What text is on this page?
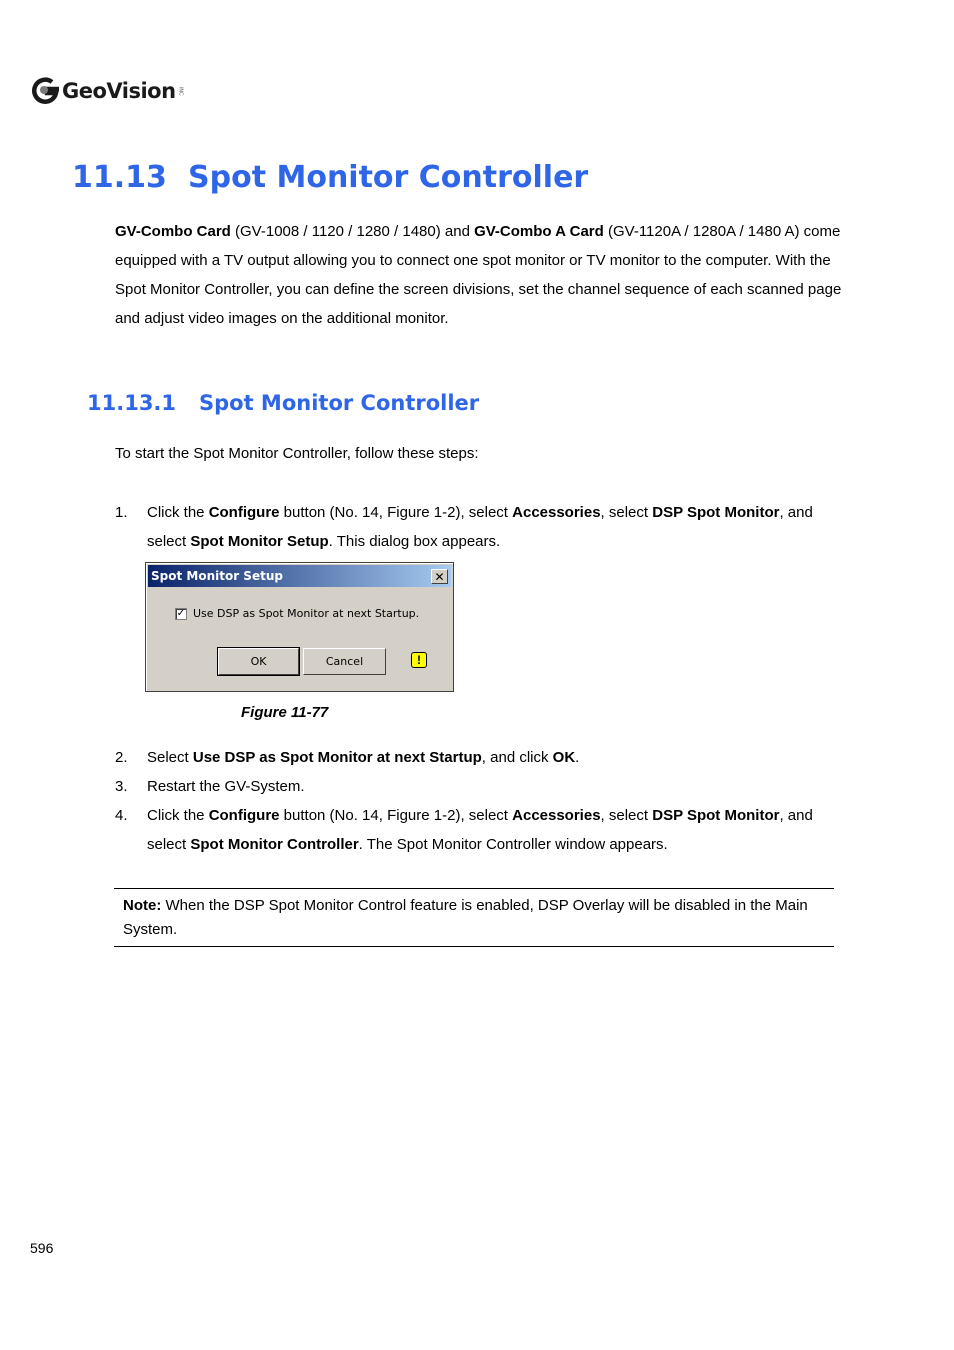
GeoVision INC
11.13 Spot Monitor Controller

GV-Combo Card (GV-1008 / 1120 / 1280 / 1480) and GV-Combo A Card (GV-1120A / 1280A / 1480 A) come equipped with a TV output allowing you to connect one spot monitor or TV monitor to the computer. With the Spot Monitor Controller, you can define the screen divisions, set the channel sequence of each scanned page and adjust video images on the additional monitor.

11.13.1 Spot Monitor Controller

To start the Spot Monitor Controller, follow these steps:

1.	Click the Configure button (No. 14, Figure 1-2), select Accessories, select DSP Spot Monitor, and select Spot Monitor Setup. This dialog box appears.
Spot Monitor Setup	✕
✓ Use DSP as Spot Monitor at next Startup.
OK	Cancel	!
Figure 11-77
2.	Select Use DSP as Spot Monitor at next Startup, and click OK.
3.	Restart the GV-System.
4.	Click the Configure button (No. 14, Figure 1-2), select Accessories, select DSP Spot Monitor, and select Spot Monitor Controller. The Spot Monitor Controller window appears.
Note: When the DSP Spot Monitor Control feature is enabled, DSP Overlay will be disabled in the Main System.
596
